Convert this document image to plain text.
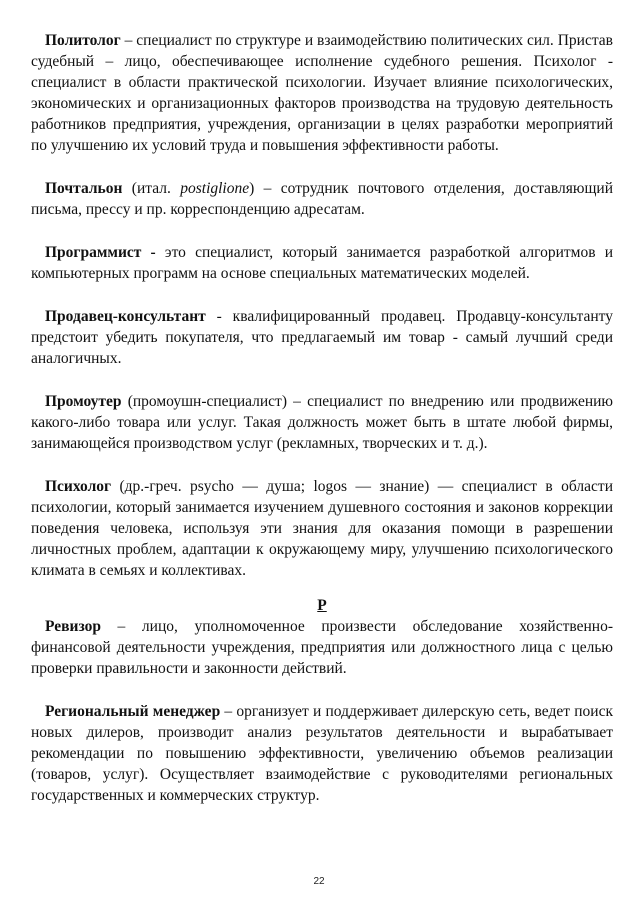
Политолог – специалист по структуре и взаимодействию политических сил. Пристав судебный – лицо, обеспечивающее исполнение судебного решения. Психолог - специалист в области практической психологии. Изучает влияние психологических, экономических и организационных факторов производства на трудовую деятельность работников предприятия, учреждения, организации в целях разработки мероприятий по улучшению их условий труда и повышения эффективности работы.

Почтальон (итал. postiglione) – сотрудник почтового отделения, доставляющий письма, прессу и пр. корреспонденцию адресатам.

Программист - это специалист, который занимается разработкой алгоритмов и компьютерных программ на основе специальных математических моделей.

Продавец-консультант - квалифицированный продавец. Продавцу-консультанту предстоит убедить покупателя, что предлагаемый им товар - самый лучший среди аналогичных.

Промоутер (промоушн-специалист) – специалист по внедрению или продвижению какого-либо товара или услуг. Такая должность может быть в штате любой фирмы, занимающейся производством услуг (рекламных, творческих и т. д.).

Психолог (др.-греч. psycho — душа; logos — знание) — специалист в области психологии, который занимается изучением душевного состояния и законов коррекции поведения человека, используя эти знания для оказания помощи в разрешении личностных проблем, адаптации к окружающему миру, улучшению психологического климата в семьях и коллективах.

Р

Ревизор – лицо, уполномоченное произвести обследование хозяйственно-финансовой деятельности учреждения, предприятия или должностного лица с целью проверки правильности и законности действий.

Региональный менеджер – организует и поддерживает дилерскую сеть, ведет поиск новых дилеров, производит анализ результатов деятельности и вырабатывает рекомендации по повышению эффективности, увеличению объемов реализации (товаров, услуг). Осуществляет взаимодействие с руководителями региональных государственных и коммерческих структур.

22
